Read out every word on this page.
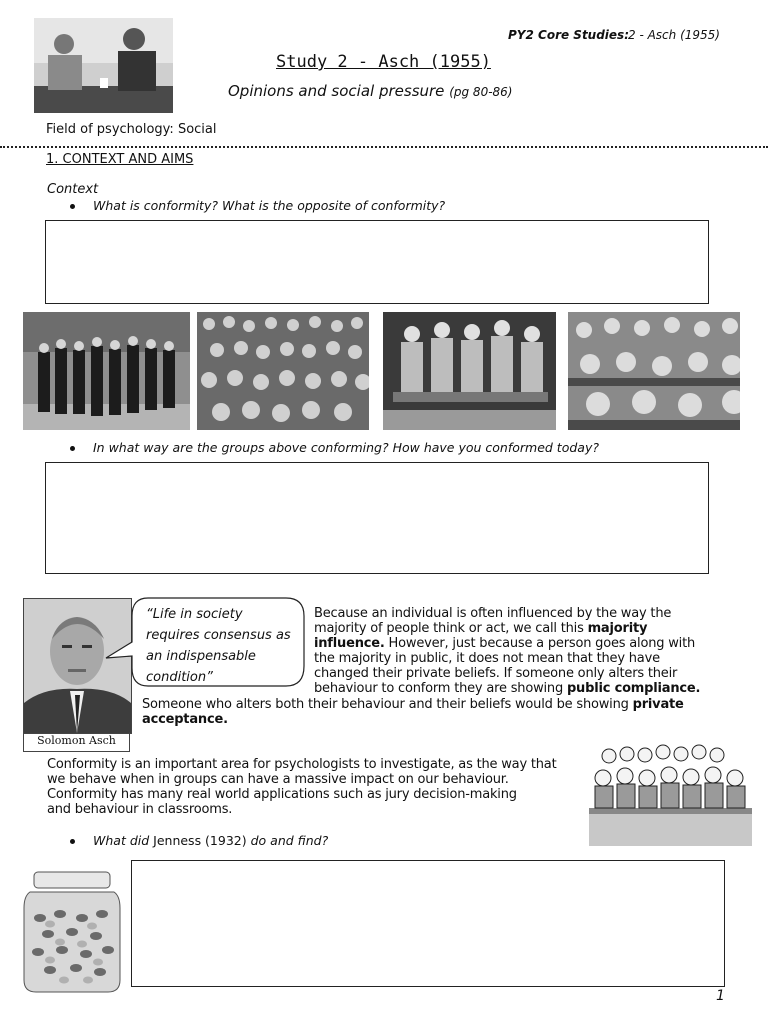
PY2 Core Studies:
2 - Asch (1955)
Study 2 - Asch (1955)
Opinions and social pressure (pg 80-86)
Field of psychology: Social
1. CONTEXT AND AIMS
Context
What is conformity? What is the opposite of conformity?
In what way are the groups above conforming? How have you conformed today?
Solomon Asch
“Life in society
requires consensus as
an indispensable
condition”
Because an individual is often influenced by the way the
majority of people think or act, we call this majority
influence. However, just because a person goes along with
the majority in public, it does not mean that they have
changed their private beliefs. If someone only alters their
behaviour to conform they are showing public compliance.
Someone who alters both their behaviour and their beliefs would be showing private
acceptance.
Conformity is an important area for psychologists to investigate, as the way that
we behave when in groups can have a massive impact on our behaviour.
Conformity has many real world applications such as jury decision-making
and behaviour in classrooms.
What did Jenness (1932) do and find?
1
